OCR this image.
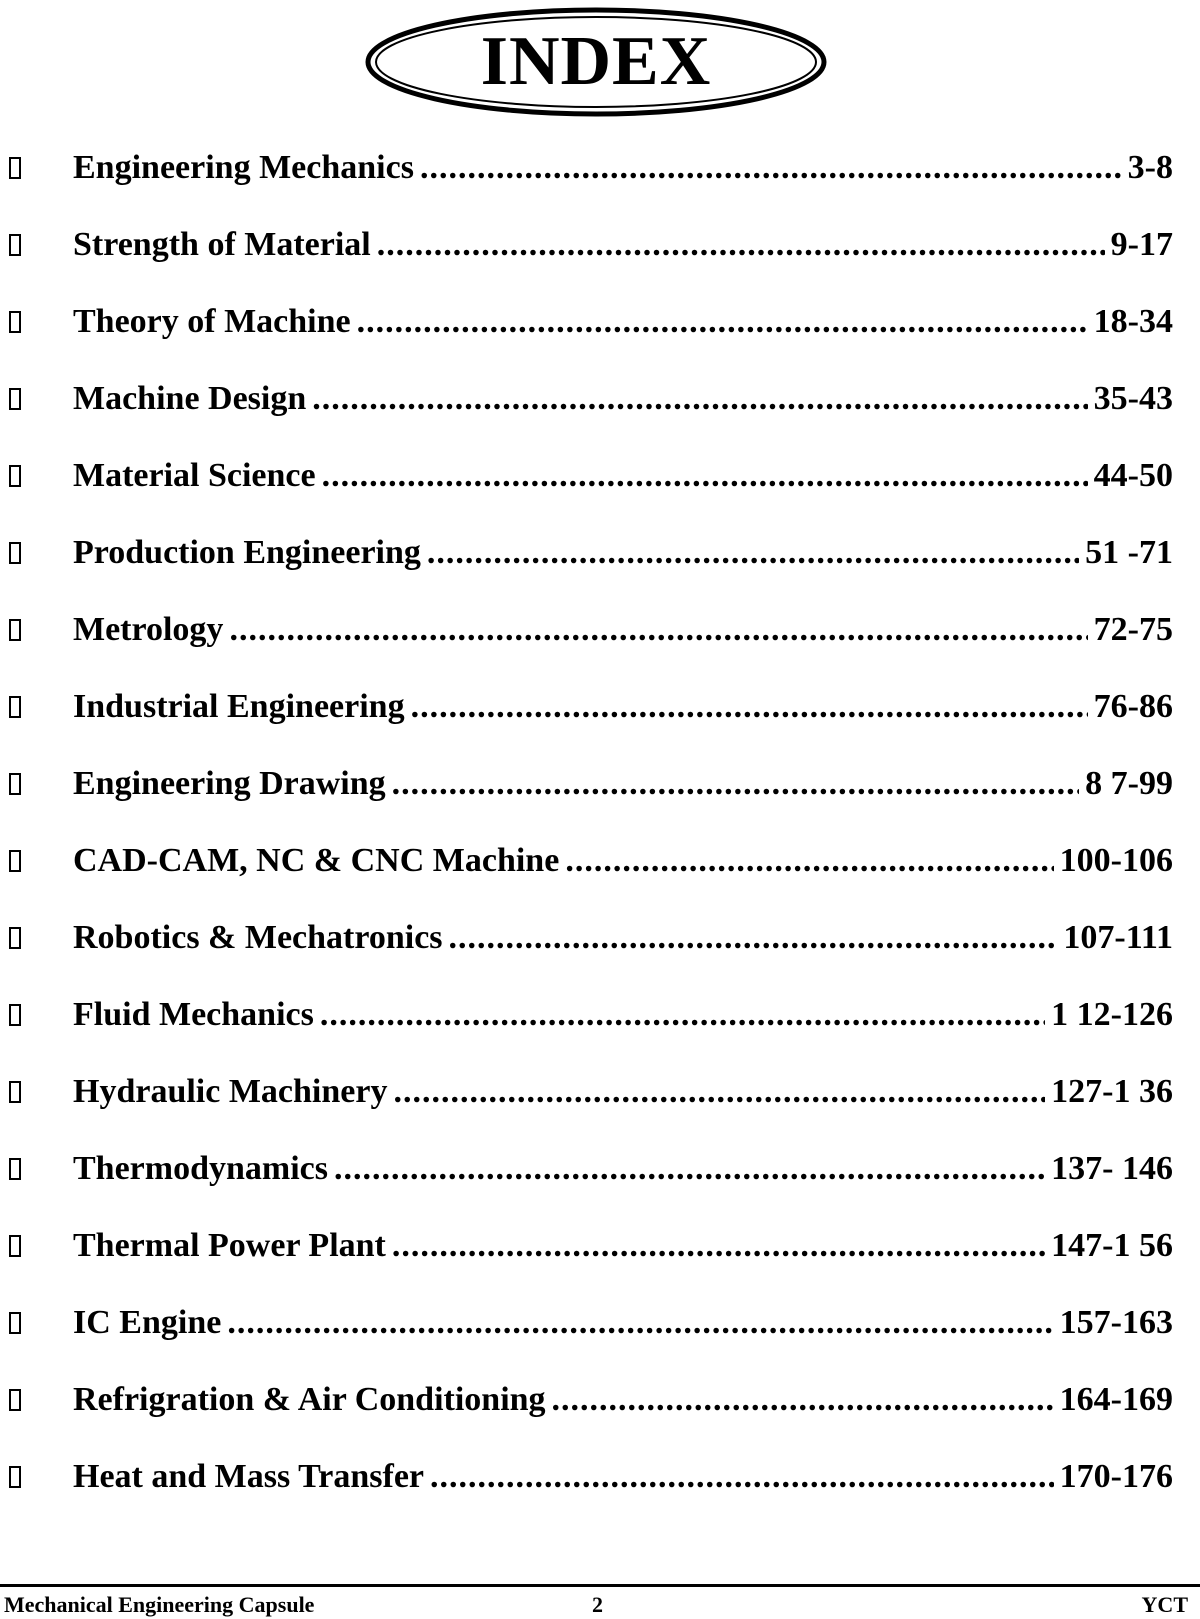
INDEX
Engineering Mechanics .....	3-8
Strength of Material .....	9-17
Theory of Machine .....	18-34
Machine Design .....	35-43
Material Science .....	44-50
Production Engineering .....	51 -71
Metrology .....	72-75
Industrial Engineering .....	76-86
Engineering Drawing .....	8 7-99
CAD-CAM, NC & CNC Machine .....	100-106
Robotics & Mechatronics .....	107-111
Fluid Mechanics .....	1 12-126
Hydraulic Machinery .....	127-1 36
Thermodynamics .....	137- 146
Thermal Power Plant .....	147-1 56
IC Engine .....	157-163
Refrigration & Air Conditioning .....	164-169
Heat and Mass Transfer .....	170-176
Mechanical Engineering Capsule	2	YCT
